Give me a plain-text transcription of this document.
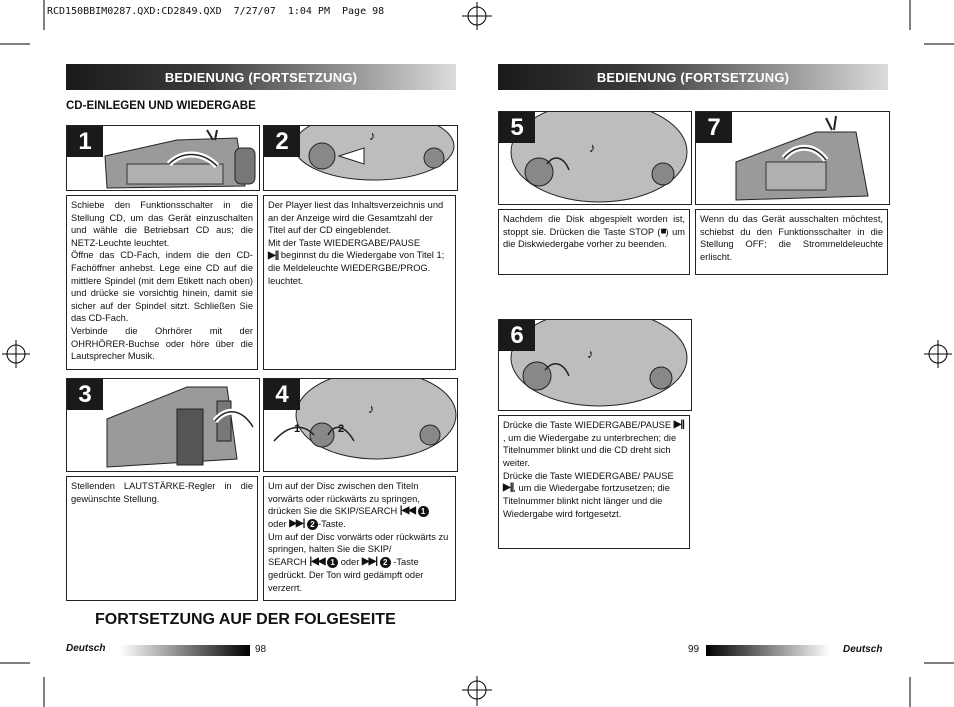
RCD150BBIM0287.QXD:CD2849.QXD  7/27/07  1:04 PM  Page 98
BEDIENUNG (FORTSETZUNG)
CD-EINLEGEN UND WIEDERGABE
1	2	♪

Schiebe den Funktionsschalter in die Stellung CD, um das Gerät einzuschalten und wähle die Betriebsart CD aus; die NETZ-Leuchte leuchtet.

Öffne das CD-Fach, indem die den CD-Fachöffner anhebst. Lege eine CD auf die mittlere Spindel (mit dem Etikett nach oben) und drücke sie vorsichtig hinein, damit sie sicher auf der Spindel sitzt. Schließen Sie das CD-Fach.

Verbinde die Ohrhörer mit der OHRHÖRER-Buchse oder höre über die Lautsprecher Musik.

Der Player liest das Inhaltsverzeichnis und an der Anzeige wird die Gesamtzahl der Titel auf der CD eingeblendet.

Mit der Taste WIEDERGABE/PAUSE

▶|| beginnst du die Wiedergabe von Titel 1; die Meldeleuchte WIEDERGBE/PROG. leuchtet.

3	4
♪
1	2

Stellenden LAUTSTÄRKE-Regler in die gewünschte Stellung.

Um auf der Disc zwischen den Titeln vorwärts oder rückwärts zu springen, drücken Sie die SKIP/SEARCH |◀◀ 1

oder ▶▶| 2 -Taste.

Um auf der Disc vorwärts oder rückwärts zu springen, halten Sie die SKIP/

SEARCH |◀◀ 1 oder ▶▶| 2 -Taste gedrückt. Der Ton wird gedämpft oder verzerrt.

FORTSETZUNG AUF DER FOLGESEITE
Deutsch	98
BEDIENUNG (FORTSETZUNG)
5
♪
7

Nachdem die Disk abgespielt worden ist, stoppt sie. Drücken die Taste STOP (■) um die Diskwiedergabe vorher zu beenden.

Wenn du das Gerät ausschalten möchtest, schiebst du den Funktionsschalter in die Stellung OFF; die Strommeldeleuchte erlischt.

6
♪

Drücke die Taste WIEDERGABE/PAUSE ▶||, um die Wiedergabe zu unterbrechen; die Titelnummer blinkt und die CD dreht sich weiter.

Drücke die Taste WIEDERGABE/ PAUSE ▶||, um die Wiedergabe fortzusetzen; die Titelnummer blinkt nicht länger und die Wiedergabe wird fortgesetzt.

99	Deutsch
